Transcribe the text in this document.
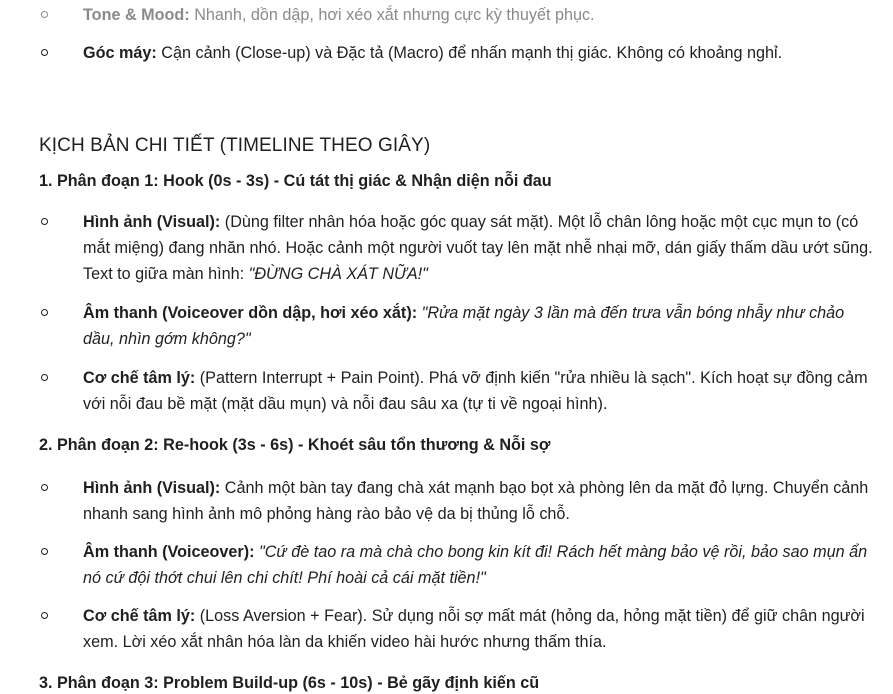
Tone & Mood: Nhanh, dồn dập, hơi xéo xắt nhưng cực kỳ thuyết phục.
Góc máy: Cận cảnh (Close-up) và Đặc tả (Macro) để nhấn mạnh thị giác. Không có khoảng nghỉ.
KỊCH BẢN CHI TIẾT (TIMELINE THEO GIÂY)
1. Phân đoạn 1: Hook (0s - 3s) - Cú tát thị giác & Nhận diện nỗi đau
Hình ảnh (Visual): (Dùng filter nhân hóa hoặc góc quay sát mặt). Một lỗ chân lông hoặc một cục mụn to (có mắt miệng) đang nhăn nhó. Hoặc cảnh một người vuốt tay lên mặt nhễ nhại mỡ, dán giấy thấm dầu ướt sũng. Text to giữa màn hình: "ĐỪNG CHÀ XÁT NỮA!"
Âm thanh (Voiceover dồn dập, hơi xéo xắt): "Rửa mặt ngày 3 lần mà đến trưa vẫn bóng nhẫy như chảo dầu, nhìn gớm không?"
Cơ chế tâm lý: (Pattern Interrupt + Pain Point). Phá vỡ định kiến "rửa nhiều là sạch". Kích hoạt sự đồng cảm với nỗi đau bề mặt (mặt dầu mụn) và nỗi đau sâu xa (tự ti về ngoại hình).
2. Phân đoạn 2: Re-hook (3s - 6s) - Khoét sâu tổn thương & Nỗi sợ
Hình ảnh (Visual): Cảnh một bàn tay đang chà xát mạnh bạo bọt xà phòng lên da mặt đỏ lựng. Chuyển cảnh nhanh sang hình ảnh mô phỏng hàng rào bảo vệ da bị thủng lỗ chỗ.
Âm thanh (Voiceover): "Cứ đè tao ra mà chà cho bong kin kít đi! Rách hết màng bảo vệ rồi, bảo sao mụn ẩn nó cứ đội thớt chui lên chi chít! Phí hoài cả cái mặt tiền!"
Cơ chế tâm lý: (Loss Aversion + Fear). Sử dụng nỗi sợ mất mát (hỏng da, hỏng mặt tiền) để giữ chân người xem. Lời xéo xắt nhân hóa làn da khiến video hài hước nhưng thấm thía.
3. Phân đoạn 3: Problem Build-up (6s - 10s) - Bẻ gãy định kiến cũ
